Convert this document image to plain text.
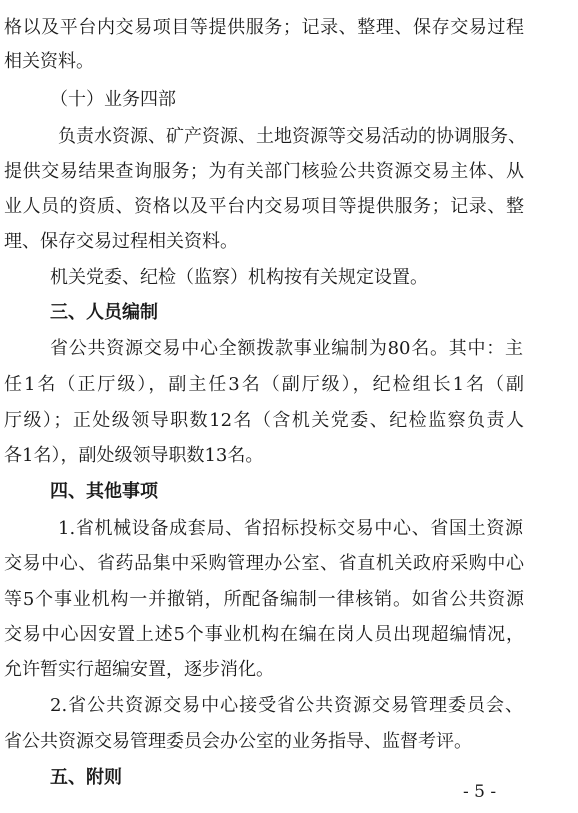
格以及平台内交易项目等提供服务；记录、整理、保存交易过程
相关资料。
（十）业务四部
负责水资源、矿产资源、土地资源等交易活动的协调服务、
提供交易结果查询服务；为有关部门核验公共资源交易主体、从
业人员的资质、资格以及平台内交易项目等提供服务；记录、整
理、保存交易过程相关资料。
机关党委、纪检（监察）机构按有关规定设置。
三、人员编制
省公共资源交易中心全额拨款事业编制为80名。其中：主
任1名（正厅级），副主任3名（副厅级），纪检组长1名（副
厅级）；正处级领导职数12名（含机关党委、纪检监察负责人
各1名），副处级领导职数13名。
四、其他事项
1.省机械设备成套局、省招标投标交易中心、省国土资源
交易中心、省药品集中采购管理办公室、省直机关政府采购中心
等5个事业机构一并撤销，所配备编制一律核销。如省公共资源
交易中心因安置上述5个事业机构在编在岗人员出现超编情况，
允许暂实行超编安置，逐步消化。
2.省公共资源交易中心接受省公共资源交易管理委员会、
省公共资源交易管理委员会办公室的业务指导、监督考评。
五、附则
- 5 -
